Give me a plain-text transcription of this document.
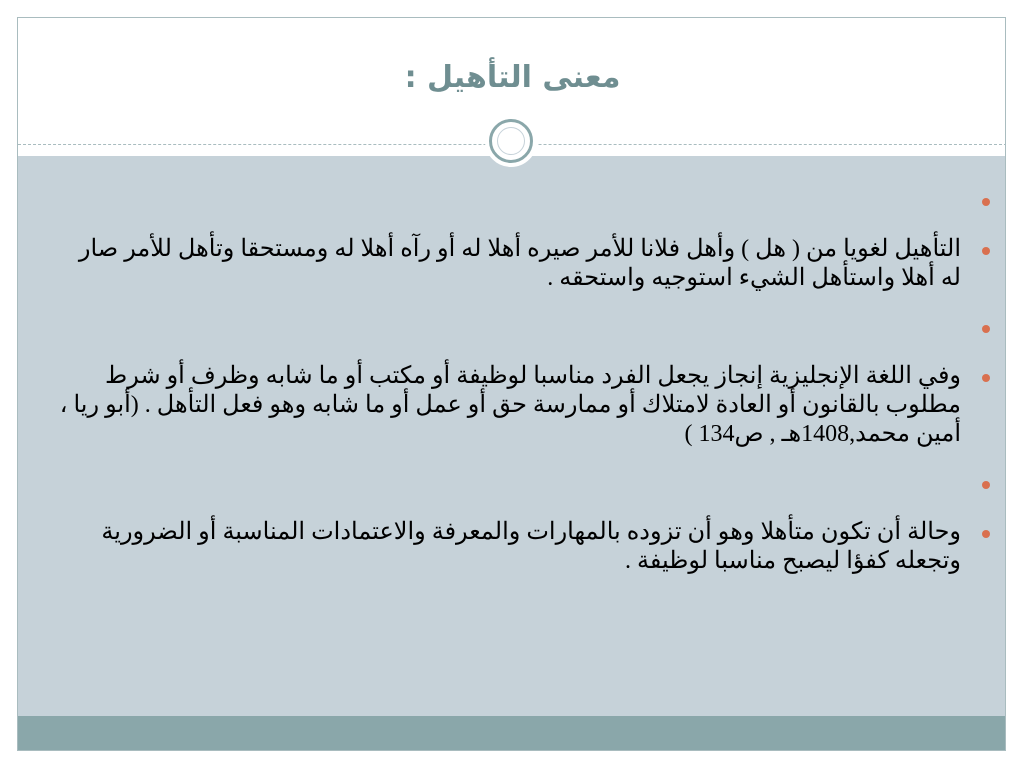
معنى التأهيل :
التأهيل لغويا من ( هل ) وأهل فلانا للأمر صيره أهلا له أو رآه أهلا له ومستحقا وتأهل للأمر صار له أهلا واستأهل الشيء استوجيه واستحقه .
وفي اللغة الإنجليزية إنجاز يجعل الفرد مناسبا لوظيفة أو مكتب أو ما شابه وظرف أو شرط مطلوب بالقانون أو العادة لامتلاك أو ممارسة حق أو عمل أو ما شابه وهو فعل التأهل . (أبو ريا ، أمين محمد,1408هـ , ص134 )
وحالة أن تكون متأهلا وهو أن تزوده بالمهارات والمعرفة والاعتمادات المناسبة أو الضرورية وتجعله كفؤا ليصبح مناسبا لوظيفة .
